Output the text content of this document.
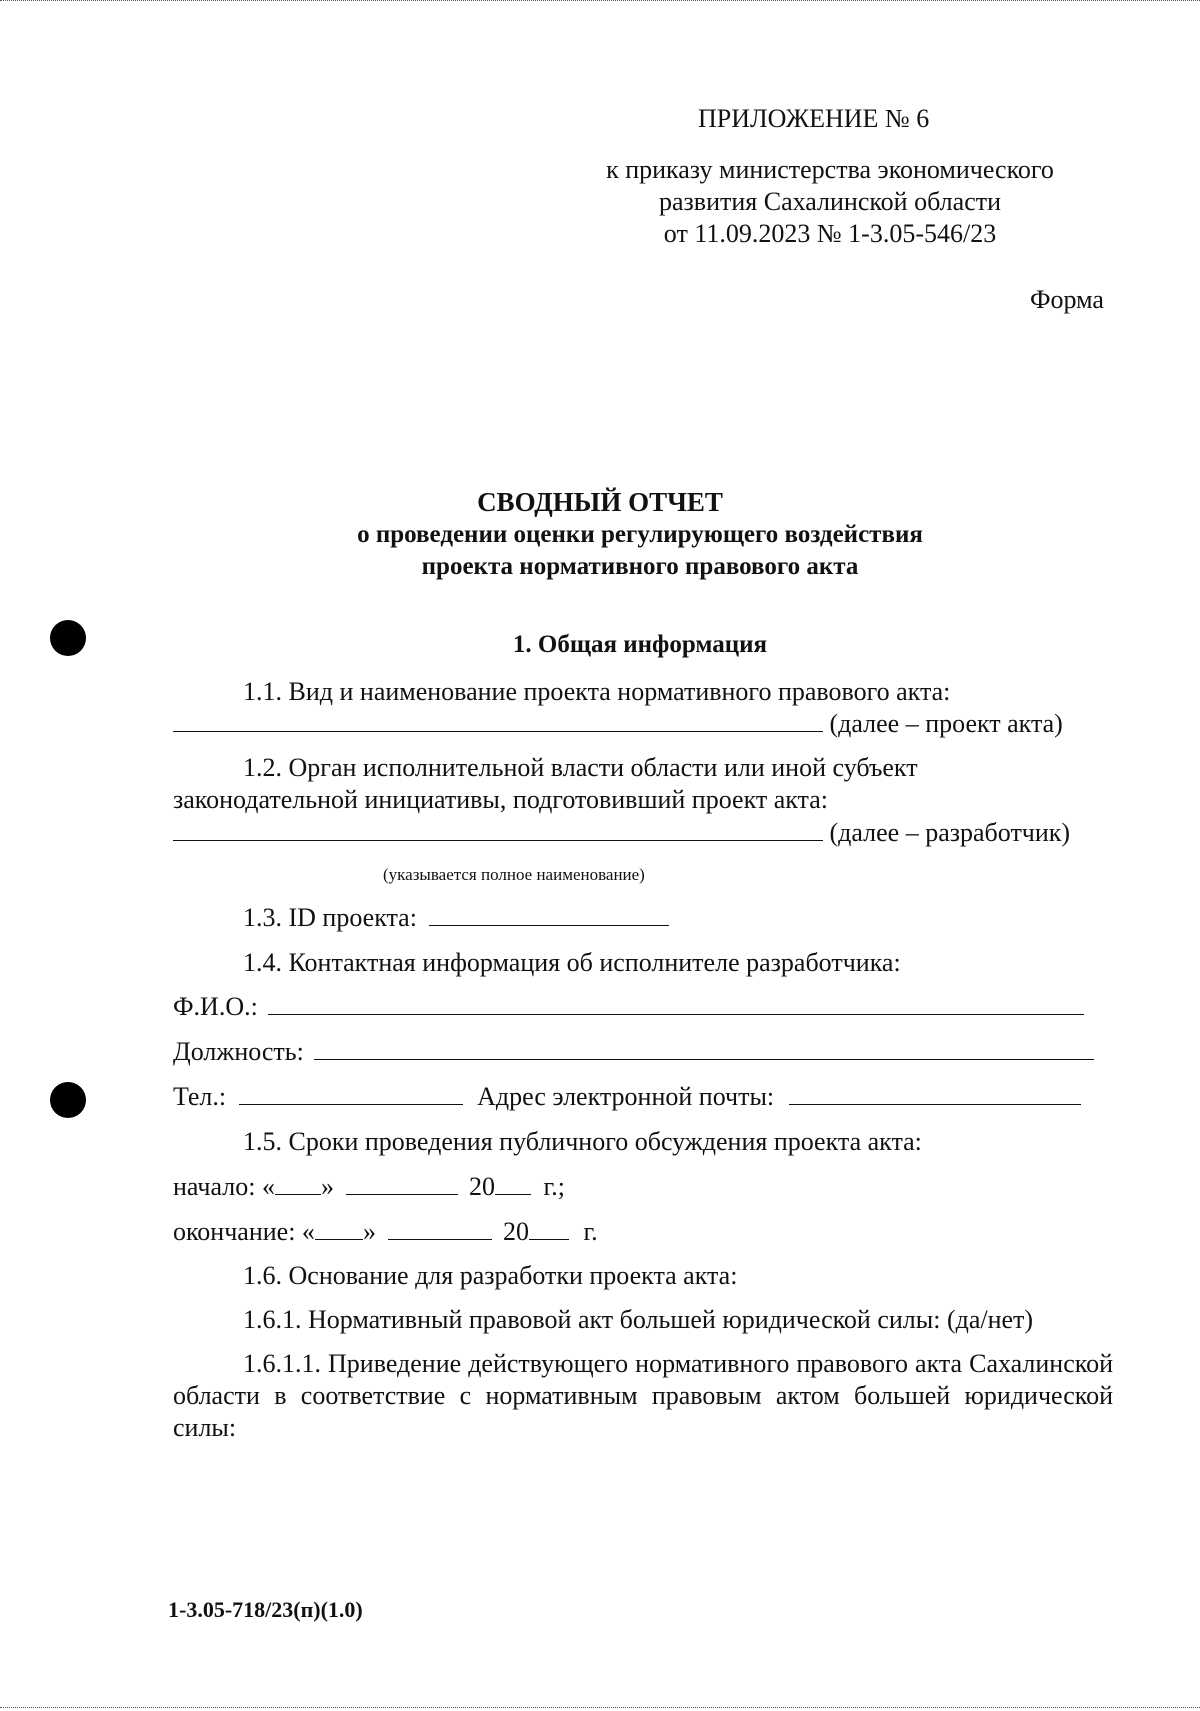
ПРИЛОЖЕНИЕ № 6
к приказу министерства экономического
развития Сахалинской области
от 11.09.2023 № 1-3.05-546/23
Форма
СВОДНЫЙ ОТЧЕТ
о проведении оценки регулирующего воздействия
проекта нормативного правового акта
1. Общая информация
1.1. Вид и наименование проекта нормативного правового акта:
(далее – проект акта)
1.2. Орган исполнительной власти области или иной субъект
законодательной инициативы, подготовивший проект акта:
(далее – разработчик)
(указывается полное наименование)
1.3. ID проекта:
1.4. Контактная информация об исполнителе разработчика:
Ф.И.О.:
Должность:
Тел.:	Адрес электронной почты:
1.5. Сроки проведения публичного обсуждения проекта акта:
начало: « »	20 г.;
окончание: « »	20 г.
1.6. Основание для разработки проекта акта:
1.6.1. Нормативный правовой акт большей юридической силы: (да/нет)
1.6.1.1. Приведение действующего нормативного правового акта Сахалинской области в соответствие с нормативным правовым актом большей юридической силы:
1-3.05-718/23(п)(1.0)
